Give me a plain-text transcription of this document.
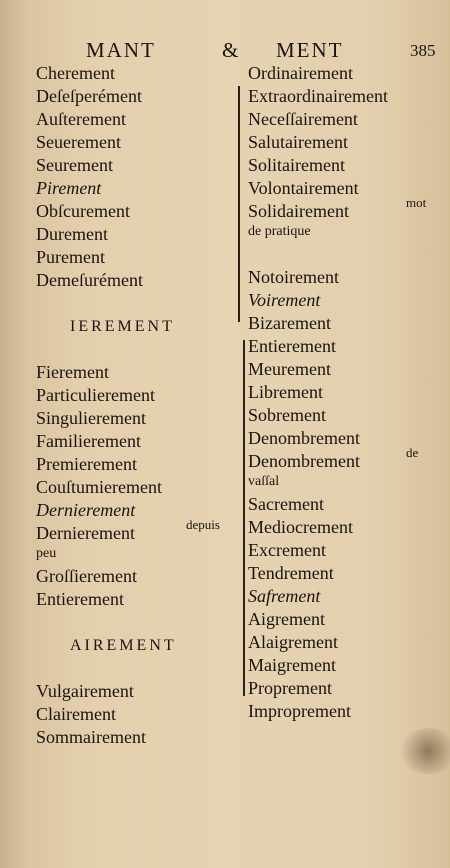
MANT	& MENT	385
Cherement
Deſeſperément
Auſterement
Seuerement
Seurement
Pirement
Obſcurement
Durement
Purement
Demeſurément
IEREMENT
Fierement
Particulierement
Singulierement
Familierement
Premierement
Couſtumierement
Dernierement
Dernierement	depuis
peu
Groſſierement
Entierement
AIREMENT
Vulgairement
Clairement
Sommairement
Ordinairement
Extraordinairement
Neceſſairement
Salutairement
Solitairement
Volontairement
Solidairement	mot
de pratique
Notoirement
Voirement
Bizarement
Entierement
Meurement
Librement
Sobrement
Denombrement
Denombrement	de
vaſſal
Sacrement
Mediocrement
Excrement
Tendrement
Safrement
Aigrement
Alaigrement
Maigrement
Proprement
Improprement
